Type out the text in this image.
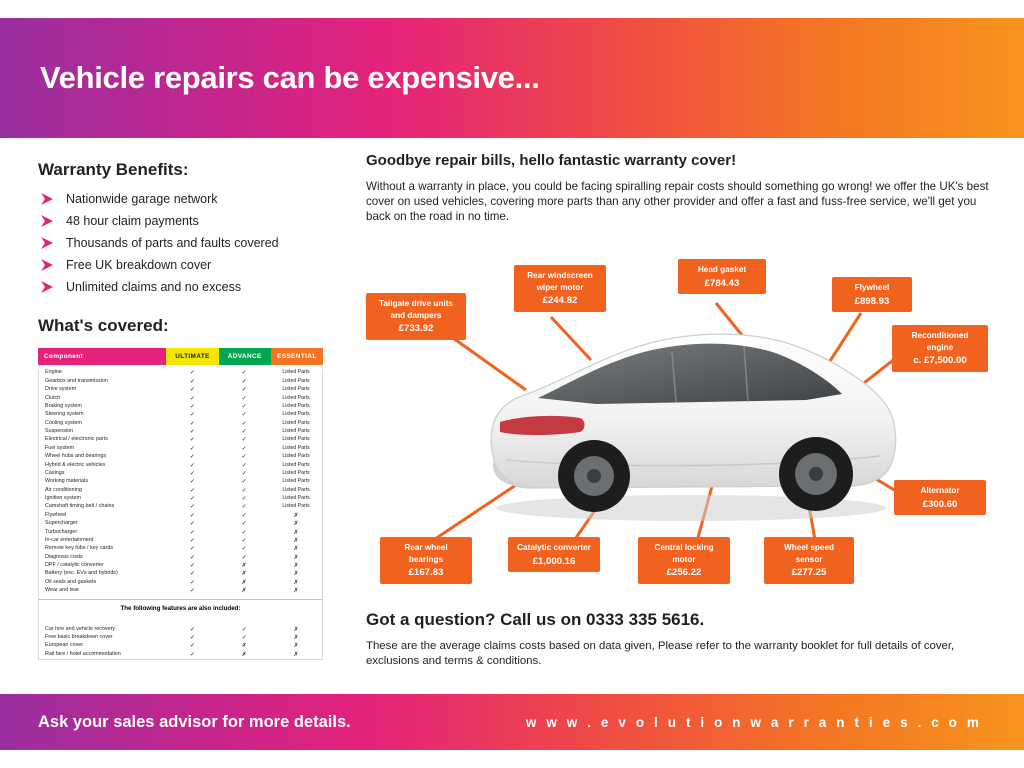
Vehicle repairs can be expensive...
Warranty Benefits:
Nationwide garage network
48 hour claim payments
Thousands of parts and faults covered
Free UK breakdown cover
Unlimited claims and no excess
What's covered:
Component	ULTIMATE	ADVANCE	ESSENTIAL
Engine	✓	✓	Listed Parts
Gearbox and transmission	✓	✓	Listed Parts
Drive system	✓	✓	Listed Parts
Clutch	✓	✓	Listed Parts
Braking system	✓	✓	Listed Parts
Steering system	✓	✓	Listed Parts
Cooling system	✓	✓	Listed Parts
Suspension	✓	✓	Listed Parts
Electrical / electronic parts	✓	✓	Listed Parts
Fuel system	✓	✓	Listed Parts
Wheel hubs and bearings	✓	✓	Listed Parts
Hybrid & electric vehicles	✓	✓	Listed Parts
Casings	✓	✓	Listed Parts
Working materials	✓	✓	Listed Parts
Air conditioning	✓	✓	Listed Parts
Ignition system	✓	✓	Listed Parts
Camshaft timing belt / chains	✓	✓	Listed Parts
Flywheel	✓	✓	✗
Supercharger	✓	✓	✗
Turbocharger	✓	✓	✗
In-car entertainment	✓	✓	✗
Remote key fobs / key cards	✓	✓	✗
Diagnosis costs	✓	✓	✗
DPF / catalytic converter	✓	✗	✗
Battery (exc. EVs and hybrids)	✓	✗	✗
Oil seals and gaskets	✓	✗	✗
Wear and tear	✓	✗	✗
The following features are also included:
Car hire and vehicle recovery	✓	✓	✗
Free basic breakdown cover	✓	✓	✗
European cover	✓	✗	✗
Rail fare / hotel accommodation	✓	✗	✗
Goodbye repair bills, hello fantastic warranty cover!
Without a warranty in place, you could be facing spiralling repair costs should something go wrong! we offer the UK's best cover on used vehicles, covering more parts than any other provider and offer a fast and fuss-free service, we'll get you back on the road in no time.
Tailgate drive units and dampers
£733.92
Rear windscreen wiper motor
£244.82
Head gasket
£784.43	Flywheel
£898.93
Reconditioned engine
c. £7,500.00
Alternator
£300.60
Rear wheel bearings
£167.83
Catalytic converter
£1,000.16
Central locking motor
£256.22
Wheel speed sensor
£277.25
Got a question? Call us on 0333 335 5616.
These are the average claims costs based on data given, Please refer to the warranty booklet for full details of cover, exclusions and terms & conditions.
Ask your sales advisor for more details.	w w w . e v o l u t i o n w a r r a n t i e s . c o m
